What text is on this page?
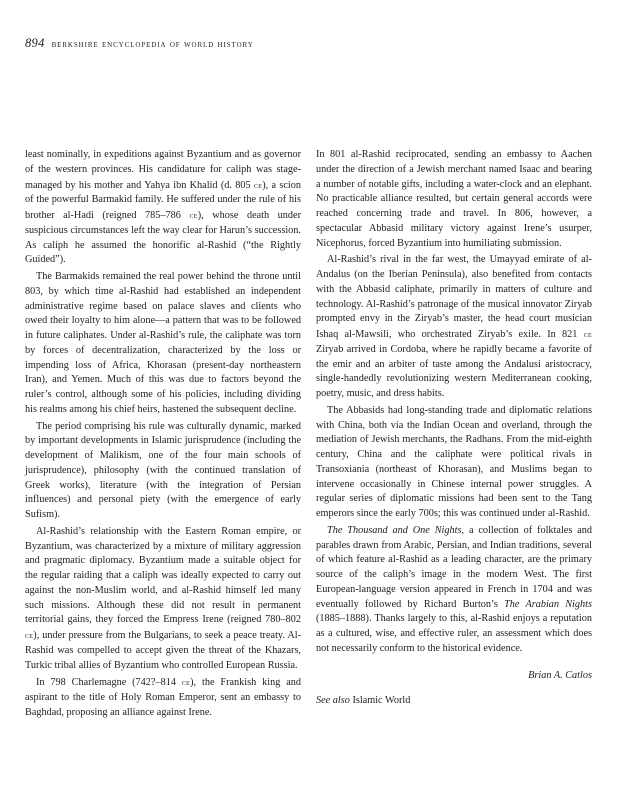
894 berkshire encyclopedia of world history

least nominally, in expeditions against Byzantium and as governor of the western provinces. His candidature for caliph was stage-managed by his mother and Yahya ibn Khalid (d. 805 ce), a scion of the powerful Barmakid family. He suffered under the rule of his brother al-Hadi (reigned 785–786 ce), whose death under suspicious circumstances left the way clear for Harun’s succession. As caliph he assumed the honorific al-Rashid (“the Rightly Guided”).

The Barmakids remained the real power behind the throne until 803, by which time al-Rashid had established an independent administrative regime based on palace slaves and clients who owed their loyalty to him alone—a pattern that was to be followed in future caliphates. Under al-Rashid’s rule, the caliphate was torn by forces of decentralization, characterized by the loss or impending loss of Africa, Khorasan (present-day northeastern Iran), and Yemen. Much of this was due to factors beyond the ruler’s control, although some of his policies, including dividing his realms among his chief heirs, hastened the subsequent decline.

The period comprising his rule was culturally dynamic, marked by important developments in Islamic jurisprudence (including the development of Malikism, one of the four main schools of jurisprudence), philosophy (with the continued translation of Greek works), literature (with the integration of Persian influences) and personal piety (with the emergence of early Sufism).

Al-Rashid’s relationship with the Eastern Roman empire, or Byzantium, was characterized by a mixture of military aggression and pragmatic diplomacy. Byzantium made a suitable object for the regular raiding that a caliph was ideally expected to carry out against the non-Muslim world, and al-Rashid himself led many such missions. Although these did not result in permanent territorial gains, they forced the Empress Irene (reigned 780–802 ce), under pressure from the Bulgarians, to seek a peace treaty. Al-Rashid was compelled to accept given the threat of the Khazars, Turkic tribal allies of Byzantium who controlled European Russia.

In 798 Charlemagne (742?–814 ce), the Frankish king and aspirant to the title of Holy Roman Emperor, sent an embassy to Baghdad, proposing an alliance against Irene.

In 801 al-Rashid reciprocated, sending an embassy to Aachen under the direction of a Jewish merchant named Isaac and bearing a number of notable gifts, including a water-clock and an elephant. No practicable alliance resulted, but certain general accords were reached concerning trade and travel. In 806, however, a spectacular Abbasid military victory against Irene’s usurper, Nicephorus, forced Byzantium into humiliating submission.

Al-Rashid’s rival in the far west, the Umayyad emirate of al-Andalus (on the Iberian Peninsula), also benefited from contacts with the Abbasid caliphate, primarily in matters of culture and technology. Al-Rashid’s patronage of the musical innovator Ziryab prompted envy in the Ziryab’s master, the head court musician Ishaq al-Mawsili, who orchestrated Ziryab’s exile. In 821 ce Ziryab arrived in Cordoba, where he rapidly became a favorite of the emir and an arbiter of taste among the Andalusi aristocracy, single-handedly revolutionizing western Mediterranean cooking, poetry, music, and dress habits.

The Abbasids had long-standing trade and diplomatic relations with China, both via the Indian Ocean and overland, through the mediation of Jewish merchants, the Radhans. From the mid-eighth century, China and the caliphate were political rivals in Transoxiania (northeast of Khorasan), and Muslims began to intervene occasionally in Chinese internal power struggles. A regular series of diplomatic missions had been sent to the Tang emperors since the early 700s; this was continued under al-Rashid.

The Thousand and One Nights, a collection of folktales and parables drawn from Arabic, Persian, and Indian traditions, several of which feature al-Rashid as a leading character, are the primary source of the caliph’s image in the modern West. The first European-language version appeared in French in 1704 and was eventually followed by Richard Burton’s The Arabian Nights (1885–1888). Thanks largely to this, al-Rashid enjoys a reputation as a cultured, wise, and effective ruler, an assessment which does not necessarily conform to the historical evidence.

Brian A. Catlos
See also Islamic World
